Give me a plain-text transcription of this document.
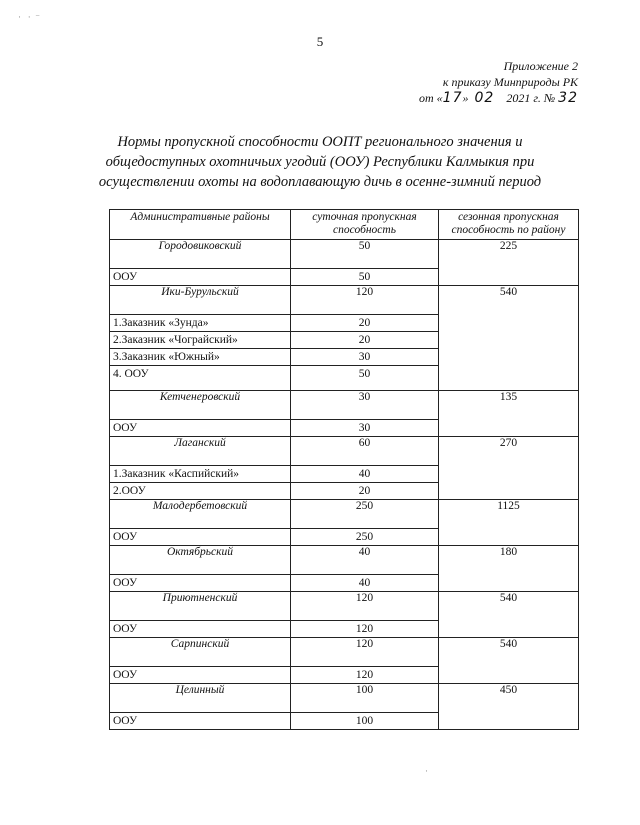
·   ·  ⁻
5
Приложение 2
к приказу Минприроды РК
от «17» 02 2021 г. № 32
Нормы пропускной способности ООПТ регионального значения и общедоступных охотничьих угодий (ООУ) Республики Калмыкия при осуществлении охоты на водоплавающую дичь в осенне-зимний период
Административные районы	суточная пропускная способность	сезонная пропускная способность по району
Городовиковский	50	225
ООУ	50	
Ики-Бурульский	120	540
1.Заказник «Зунда»	20	
2.Заказник «Чограйский»	20	
3.Заказник «Южный»	30	
4. ООУ	50	
Кетченеровский	30	135
ООУ	30	
Лаганский	60	270
1.Заказник «Каспийский»	40	
2.ООУ	20	
Малодербетовский	250	1125
ООУ	250	
Октябрьский	40	180
ООУ	40	
Приютненский	120	540
ООУ	120	
Сарпинский	120	540
ООУ	120	
Целинный	100	450
ООУ	100	
·
